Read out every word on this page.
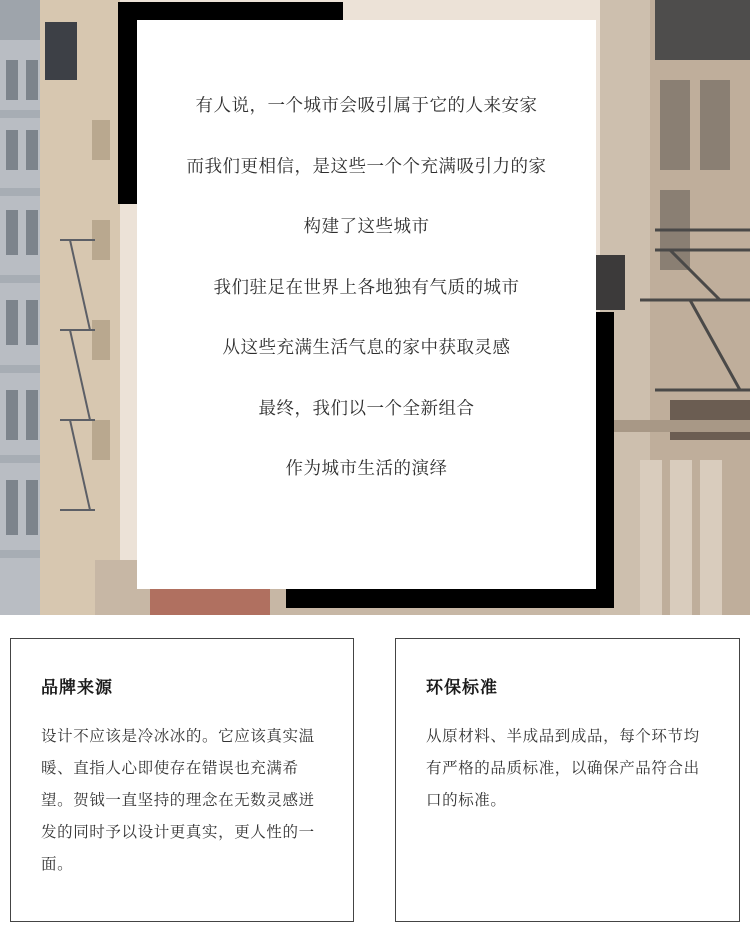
有人说，一个城市会吸引属于它的人来安家
而我们更相信，是这些一个个充满吸引力的家
构建了这些城市
我们驻足在世界上各地独有气质的城市
从这些充满生活气息的家中获取灵感
最终，我们以一个全新组合
作为城市生活的演绎
品牌来源
设计不应该是冷冰冰的。它应该真实温暖、直指人心即使存在错误也充满希望。贺钺一直坚持的理念在无数灵感迸发的同时予以设计更真实，更人性的一面。
环保标准
从原材料、半成品到成品，每个环节均有严格的品质标准，以确保产品符合出口的标准。
